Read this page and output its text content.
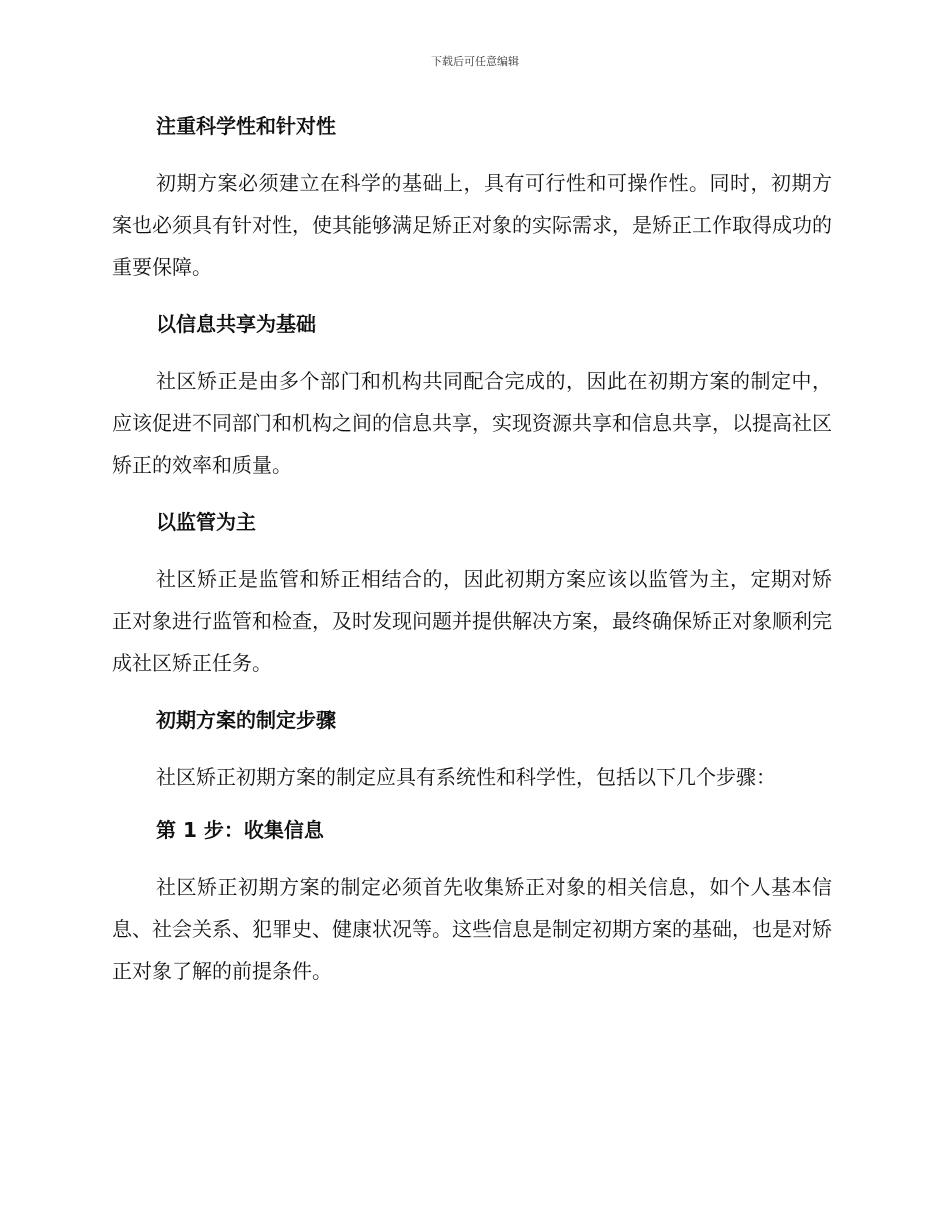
下载后可任意编辑
注重科学性和针对性
初期方案必须建立在科学的基础上，具有可行性和可操作性。同时，初期方案也必须具有针对性，使其能够满足矫正对象的实际需求，是矫正工作取得成功的重要保障。
以信息共享为基础
社区矫正是由多个部门和机构共同配合完成的，因此在初期方案的制定中，应该促进不同部门和机构之间的信息共享，实现资源共享和信息共享，以提高社区矫正的效率和质量。
以监管为主
社区矫正是监管和矫正相结合的，因此初期方案应该以监管为主，定期对矫正对象进行监管和检查，及时发现问题并提供解决方案，最终确保矫正对象顺利完成社区矫正任务。
初期方案的制定步骤
社区矫正初期方案的制定应具有系统性和科学性，包括以下几个步骤：
第 1 步：收集信息
社区矫正初期方案的制定必须首先收集矫正对象的相关信息，如个人基本信息、社会关系、犯罪史、健康状况等。这些信息是制定初期方案的基础，也是对矫正对象了解的前提条件。
